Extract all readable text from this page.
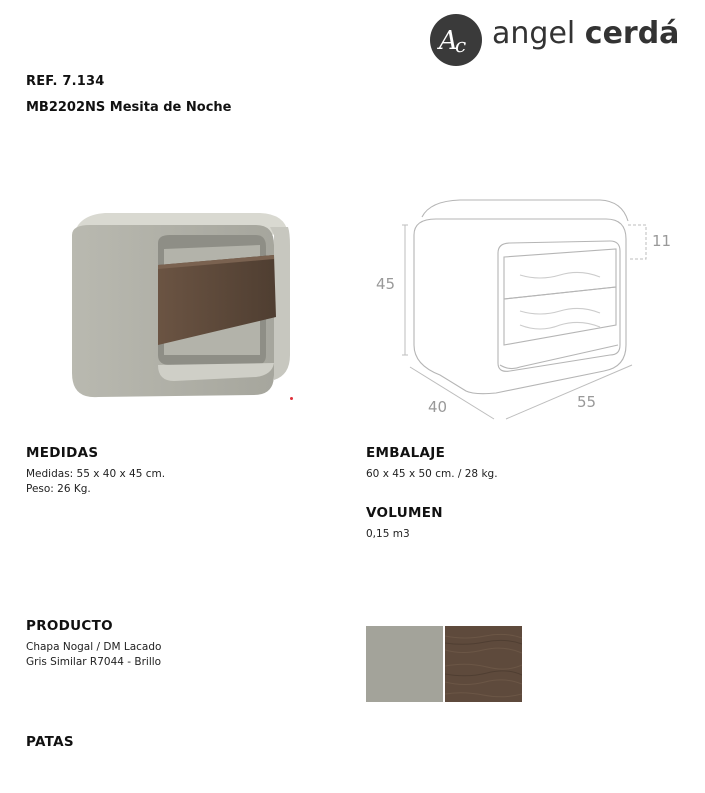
A
c angel cerdá
REF. 7.134
MB2202NS Mesita de Noche
45
40	55
11
MEDIDAS
Medidas: 55 x 40 x 45 cm.
Peso: 26 Kg.
EMBALAJE
60 x 45 x 50 cm. / 28 kg.
VOLUMEN
0,15 m3
PRODUCTO
Chapa Nogal / DM Lacado
Gris Similar R7044 - Brillo
PATAS
